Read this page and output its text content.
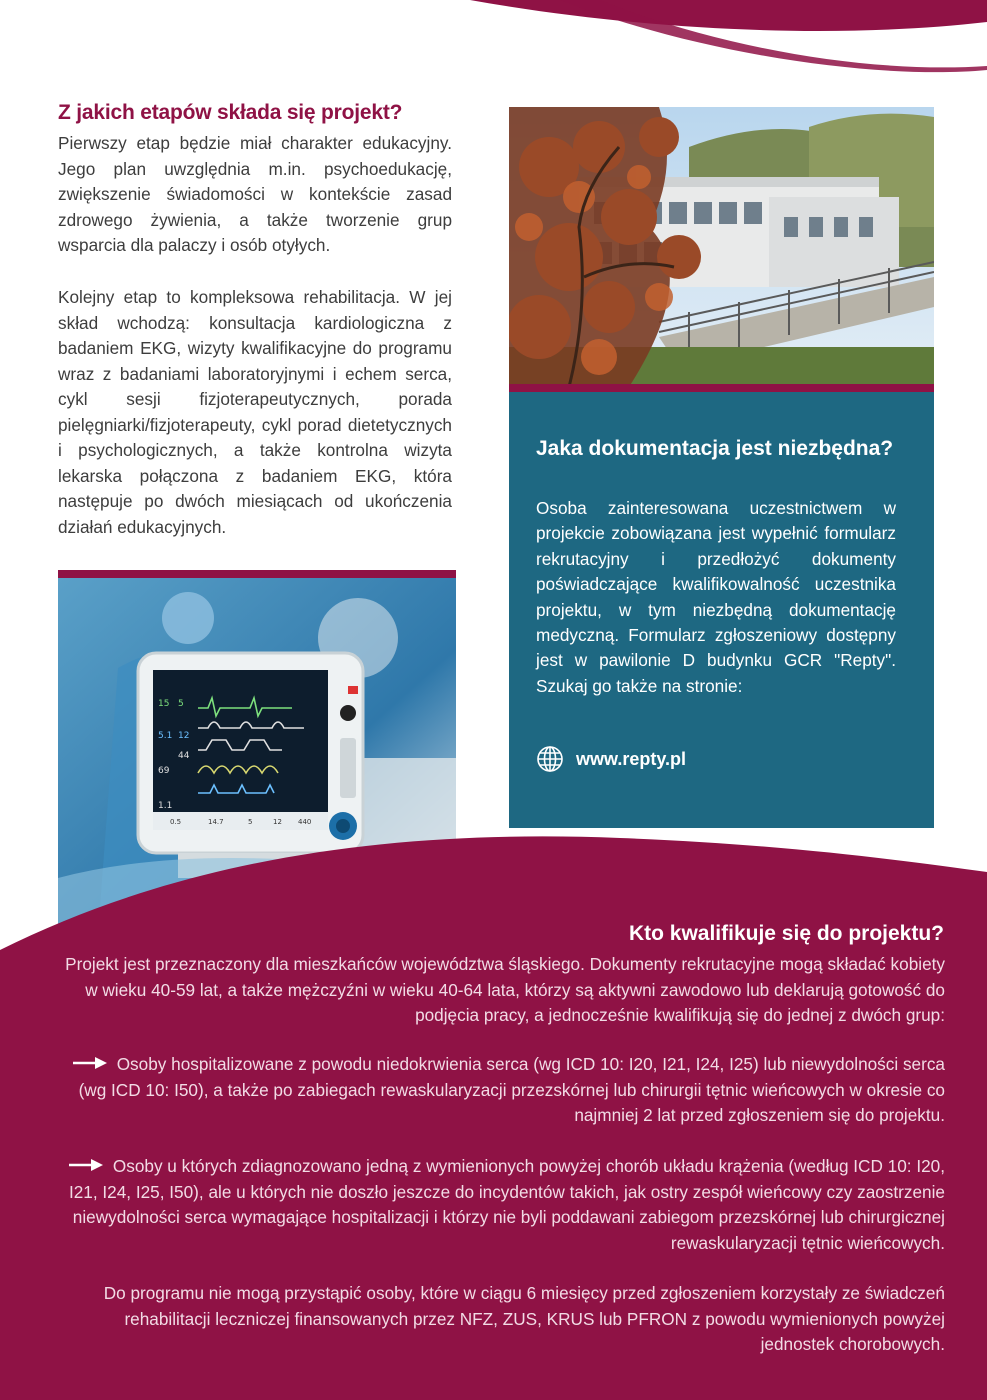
Z jakich etapów składa się projekt?

Pierwszy etap będzie miał charakter edukacyjny. Jego plan uwzględnia m.in. psychoedukację, zwiększenie świadomości w kontekście zasad zdrowego żywienia, a także tworzenie grup wsparcia dla palaczy i osób otyłych.

Kolejny etap to kompleksowa rehabilitacja. W jej skład wchodzą: konsultacja kardiologiczna z badaniem EKG, wizyty kwalifikacyjne do programu wraz z badaniami laboratoryjnymi i echem serca, cykl sesji fizjoterapeutycznych, porada pielęgniarki/fizjoterapeuty, cykl porad dietetycznych i psychologicznych, a także kontrolna wizyta lekarska połączona z badaniem EKG, która następuje po dwóch miesiącach od ukończenia działań edukacyjnych.

Jaka dokumentacja jest niezbędna?

Osoba zainteresowana uczestnictwem w projekcie zobowiązana jest wypełnić formularz rekrutacyjny i przedłożyć dokumenty poświadczające kwalifikowalność uczestnika projektu, w tym niezbędną dokumentację medyczną. Formularz zgłoszeniowy dostępny jest w pawilonie D budynku GCR "Repty". Szukaj go także na stronie:

www.repty.pl
15 5
5.1 12
44
69
1.1
0.5	14.7	5	12 440
Kto kwalifikuje się do projektu?

Projekt jest przeznaczony dla mieszkańców województwa śląskiego. Dokumenty rekrutacyjne mogą składać kobiety w wieku 40-59 lat, a także mężczyźni w wieku 40-64 lata, którzy są aktywni zawodowo lub deklarują gotowość do podjęcia pracy, a jednocześnie kwalifikują się do jednej z dwóch grup:

Osoby hospitalizowane z powodu niedokrwienia serca (wg ICD 10: I20, I21, I24, I25) lub niewydolności serca (wg ICD 10: I50), a także po zabiegach rewaskularyzacji przezskórnej lub chirurgii tętnic wieńcowych w okresie co najmniej 2 lat przed zgłoszeniem się do projektu.

Osoby u których zdiagnozowano jedną z wymienionych powyżej chorób układu krążenia (według ICD 10: I20, I21, I24, I25, I50), ale u których nie doszło jeszcze do incydentów takich, jak ostry zespół wieńcowy czy zaostrzenie niewydolności serca wymagające hospitalizacji i którzy nie byli poddawani zabiegom przezskórnej lub chirurgicznej rewaskularyzacji tętnic wieńcowych.

Do programu nie mogą przystąpić osoby, które w ciągu 6 miesięcy przed zgłoszeniem korzystały ze świadczeń rehabilitacji leczniczej finansowanych przez NFZ, ZUS, KRUS lub PFRON z powodu wymienionych powyżej jednostek chorobowych.
